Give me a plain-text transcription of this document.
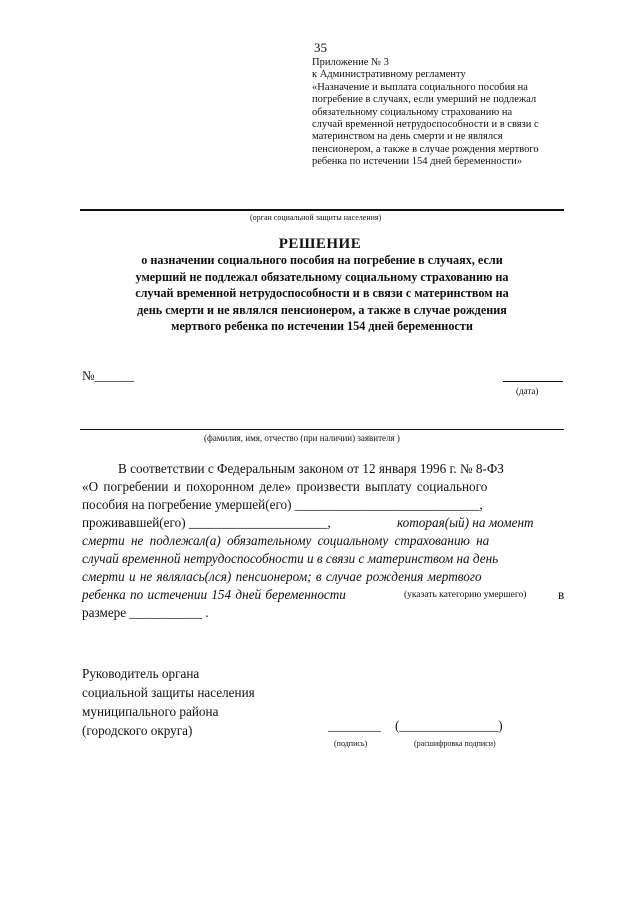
35
Приложение № 3
к Административному регламенту
«Назначение и выплата социального пособия на
погребение в случаях, если умерший не подлежал
обязательному социальному страхованию на
случай временной нетрудоспособности и в связи с
материнством на день смерти и не являлся
пенсионером, а также в случае рождения мертвого
ребенка по истечении 154 дней беременности»
(орган социальной защиты населения)
РЕШЕНИЕ
о назначении социального пособия на погребение в случаях, если
умерший не подлежал обязательному социальному страхованию на
случай временной нетрудоспособности и в связи с материнством на
день смерти и не являлся пенсионером, а также в случае рождения
мертвого ребенка по истечении 154 дней беременности
№______
(дата)
(фамилия, имя, отчество (при наличии) заявителя )
В соответствии с Федеральным законом от 12 января 1996 г. № 8-ФЗ
«О погребении и похоронном деле» произвести выплату социального
пособия на погребение умершей(его) ____________________________,
проживавшей(его) _____________________,	которая(ый) на момент
смерти не подлежал(а) обязательному социальному страхованию на
случай временной нетрудоспособности и в связи с материнством на день
смерти и не являлась(лся) пенсионером; в случае рождения мертвого
ребенка по истечении 154 дней беременности	(указать категорию умершего) в
размере ___________ .
Руководитель органа
социальной защиты населения
муниципального района
(городского округа)	________ (_______________)
(подпись)	(расшифровка подписи)
